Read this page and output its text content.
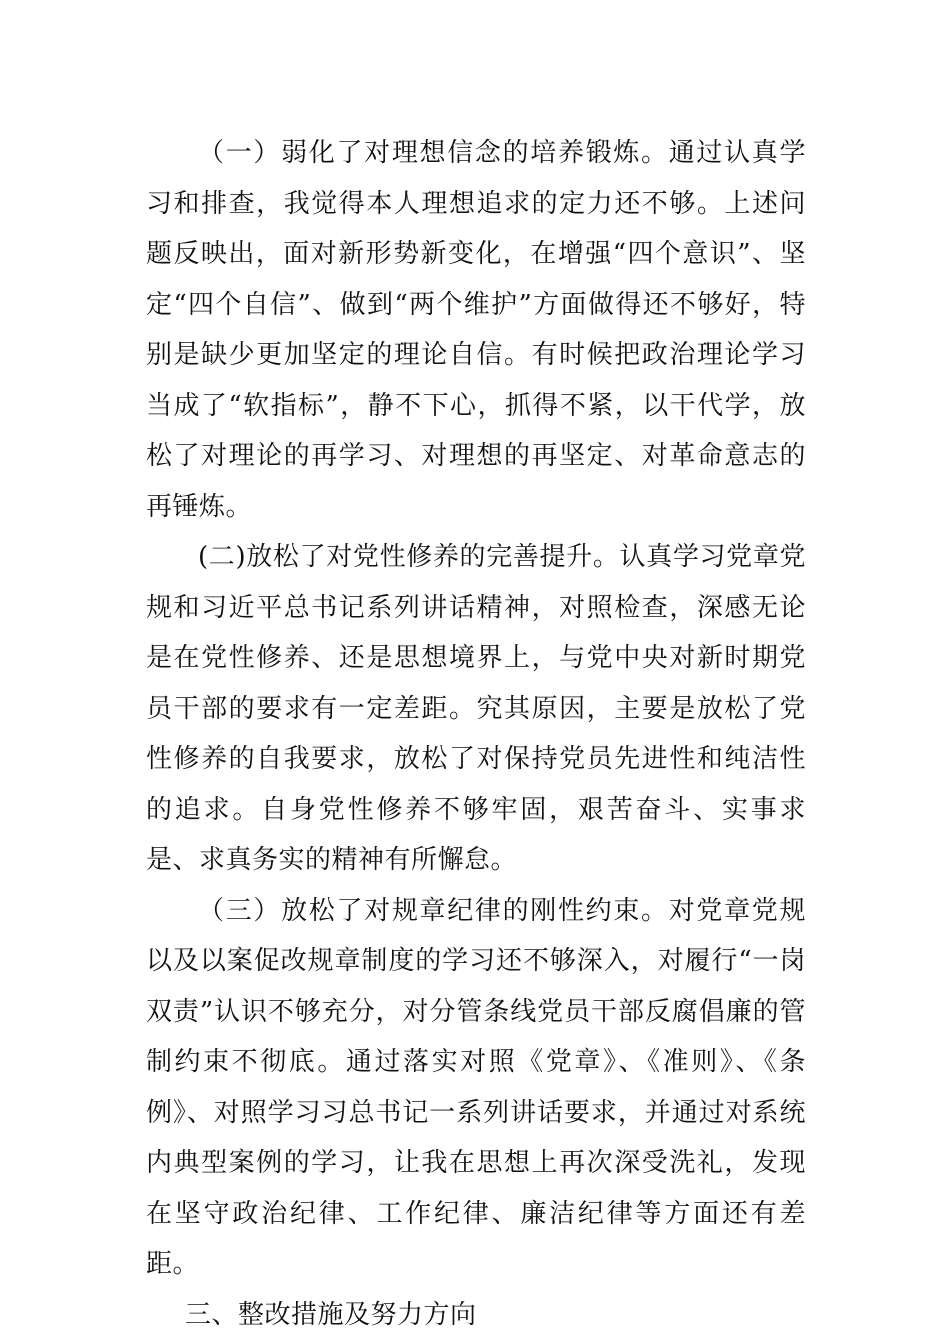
（一）弱化了对理想信念的培养锻炼。通过认真学习和排查，我觉得本人理想追求的定力还不够。上述问题反映出，面对新形势新变化，在增强“四个意识”、坚定“四个自信”、做到“两个维护”方面做得还不够好，特别是缺少更加坚定的理论自信。有时候把政治理论学习当成了“软指标”，静不下心，抓得不紧，以干代学，放松了对理论的再学习、对理想的再坚定、对革命意志的再锤炼。

(二)放松了对党性修养的完善提升。认真学习党章党规和习近平总书记系列讲话精神，对照检查，深感无论是在党性修养、还是思想境界上，与党中央对新时期党员干部的要求有一定差距。究其原因，主要是放松了党性修养的自我要求，放松了对保持党员先进性和纯洁性的追求。自身党性修养不够牢固，艰苦奋斗、实事求是、求真务实的精神有所懈怠。

（三）放松了对规章纪律的刚性约束。对党章党规以及以案促改规章制度的学习还不够深入，对履行“一岗双责”认识不够充分，对分管条线党员干部反腐倡廉的管制约束不彻底。通过落实对照《党章》、《准则》、《条例》、对照学习习总书记一系列讲话要求，并通过对系统内典型案例的学习，让我在思想上再次深受洗礼，发现在坚守政治纪律、工作纪律、廉洁纪律等方面还有差距。

三、整改措施及努力方向
